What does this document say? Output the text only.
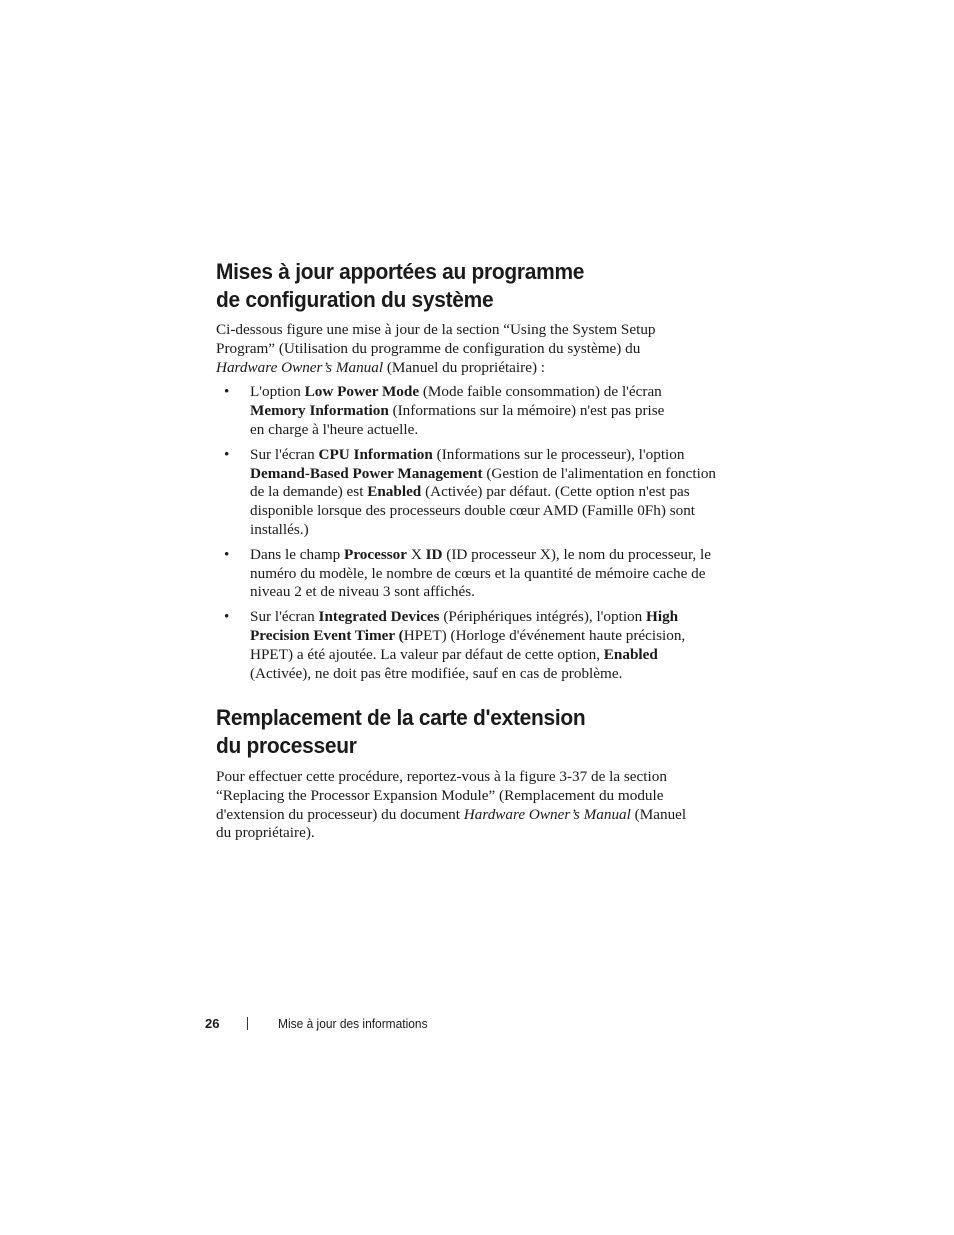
Mises à jour apportées au programme
de configuration du système

Ci-dessous figure une mise à jour de la section “Using the System Setup Program” (Utilisation du programme de configuration du système) du Hardware Owner’s Manual (Manuel du propriétaire) :

• L'option Low Power Mode (Mode faible consommation) de l'écran Memory Information (Informations sur la mémoire) n'est pas prise en charge à l'heure actuelle.
• Sur l'écran CPU Information (Informations sur le processeur), l'option Demand-Based Power Management (Gestion de l'alimentation en fonction de la demande) est Enabled (Activée) par défaut. (Cette option n'est pas disponible lorsque des processeurs double cœur AMD (Famille 0Fh) sont installés.)
• Dans le champ Processor X ID (ID processeur X), le nom du processeur, le numéro du modèle, le nombre de cœurs et la quantité de mémoire cache de niveau 2 et de niveau 3 sont affichés.
• Sur l'écran Integrated Devices (Périphériques intégrés), l'option High Precision Event Timer (HPET) (Horloge d'événement haute précision, HPET) a été ajoutée. La valeur par défaut de cette option, Enabled (Activée), ne doit pas être modifiée, sauf en cas de problème.
Remplacement de la carte d'extension
du processeur

Pour effectuer cette procédure, reportez-vous à la figure 3-37 de la section “Replacing the Processor Expansion Module” (Remplacement du module d'extension du processeur) du document Hardware Owner’s Manual (Manuel du propriétaire).

26	Mise à jour des informations
